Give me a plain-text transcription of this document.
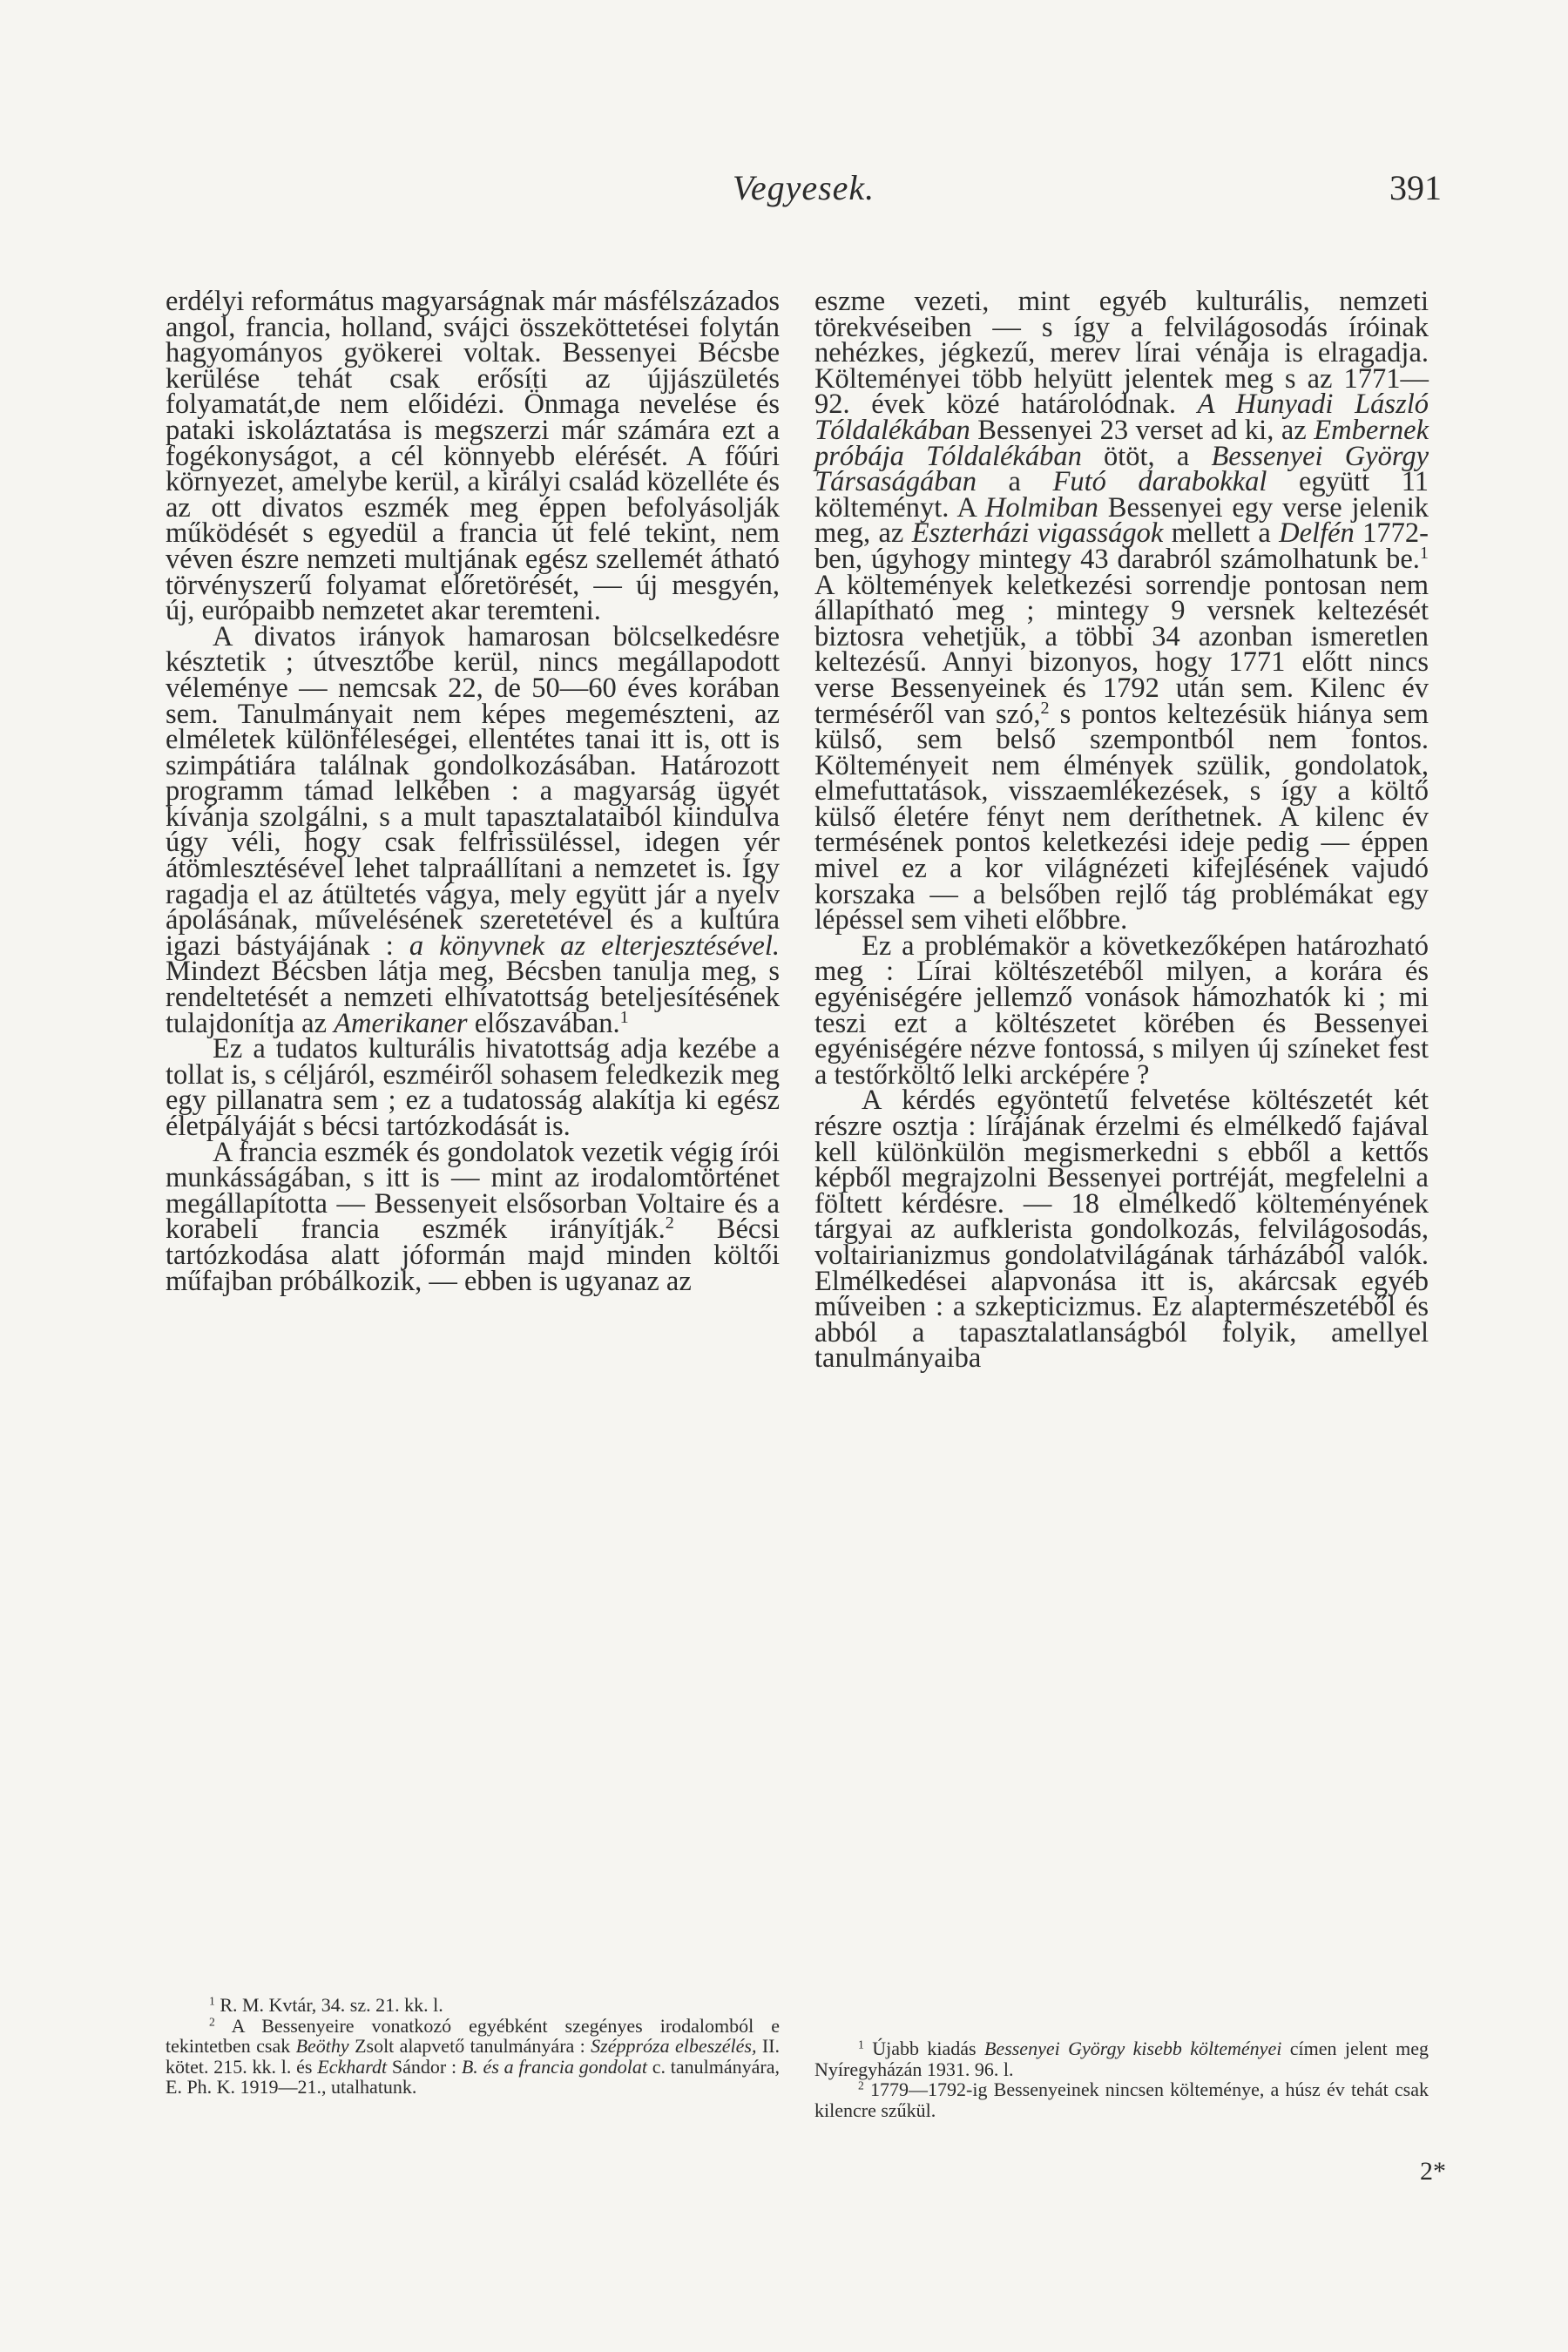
Vegyesek.	391

erdélyi református magyarságnak már másfélszázados angol, francia, holland, svájci összeköttetései folytán hagyományos gyökerei voltak. Bessenyei Bécsbe kerülése tehát csak erősíti az újjászületés folyamatát,de nem előidézi. Önmaga nevelése és pataki iskoláztatása is megszerzi már számára ezt a fogékonyságot, a cél könnyebb elérését. A főúri környezet, amelybe kerül, a királyi család közelléte és az ott divatos eszmék meg éppen befolyásolják működését s egyedül a francia út felé tekint, nem véven észre nemzeti multjának egész szellemét átható törvényszerű folyamat előretörését, — új mesgyén, új, európaibb nemzetet akar teremteni.

A divatos irányok hamarosan bölcselkedésre késztetik ; útvesztőbe kerül, nincs megállapodott véleménye — nemcsak 22, de 50—60 éves korában sem. Tanulmányait nem képes megemészteni, az elméletek különféleségei, ellentétes tanai itt is, ott is szimpátiára találnak gondolkozásában. Határozott programm támad lelkében : a magyarság ügyét kívánja szolgálni, s a mult tapasztalataiból kiindulva úgy véli, hogy csak felfrissüléssel, idegen vér átömlesztésével lehet talpraállítani a nemzetet is. Így ragadja el az átültetés vágya, mely együtt jár a nyelv ápolásának, művelésének szeretetével és a kultúra igazi bástyájának : a könyvnek az elterjesztésével. Mindezt Bécsben látja meg, Bécsben tanulja meg, s rendeltetését a nemzeti elhívatottság beteljesítésének tulajdonítja az Amerikaner előszavában.$^1$

Ez a tudatos kulturális hivatottság adja kezébe a tollat is, s céljáról, eszméiről sohasem feledkezik meg egy pillanatra sem ; ez a tudatosság alakítja ki egész életpályáját s bécsi tartózkodását is.

A francia eszmék és gondolatok vezetik végig írói munkásságában, s itt is — mint az irodalomtörténet megállapította — Bessenyeit elsősorban Voltaire és a korabeli francia eszmék irányítják.$^2$ Bécsi tartózkodása alatt jóformán majd minden költői műfajban próbálkozik, — ebben is ugyanaz az

$^1$ R. M. Kvtár, 34. sz. 21. kk. l.

$^2$ A Bessenyeire vonatkozó egyébként szegényes irodalomból e tekintetben csak Beöthy Zsolt alapvető tanulmányára : Széppróza elbeszélés, II. kötet. 215. kk. l. és Eckhardt Sándor : B. és a francia gondolat c. tanulmányára, E. Ph. K. 1919—21., utalhatunk.

eszme vezeti, mint egyéb kulturális, nemzeti törekvéseiben — s így a felvilágosodás íróinak nehézkes, jégkezű, merev lírai vénája is elragadja. Költeményei több helyütt jelentek meg s az 1771—92. évek közé határolódnak. A Hunyadi László Tóldalékában Bessenyei 23 verset ad ki, az Embernek próbája Tóldalékában ötöt, a Bessenyei György Társaságában a Futó darabokkal együtt 11 költeményt. A Holmiban Bessenyei egy verse jelenik meg, az Eszterházi vigasságok mellett a Delfén 1772-ben, úgyhogy mintegy 43 darabról számolhatunk be.$^1$ A költemények keletkezési sorrendje pontosan nem állapítható meg ; mintegy 9 versnek keltezését biztosra vehetjük, a többi 34 azonban ismeretlen keltezésű. Annyi bizonyos, hogy 1771 előtt nincs verse Bessenyeinek és 1792 után sem. Kilenc év terméséről van szó,$^2$ s pontos keltezésük hiánya sem külső, sem belső szempontból nem fontos. Költeményeit nem élmények szülik, gondolatok, elmefuttatások, visszaemlékezések, s így a költő külső életére fényt nem deríthetnek. A kilenc év termésének pontos keletkezési ideje pedig — éppen mivel ez a kor világnézeti kifejlésének vajudó korszaka — a belsőben rejlő tág problémákat egy lépéssel sem viheti előbbre.

Ez a problémakör a következőképen határozható meg : Lírai költészetéből milyen, a korára és egyéniségére jellemző vonások hámozhatók ki ; mi teszi ezt a költészetet körében és Bessenyei egyéniségére nézve fontossá, s milyen új színeket fest a testőrköltő lelki arcképére ?

A kérdés egyöntetű felvetése költészetét két részre osztja : lírájának érzelmi és elmélkedő fajával kell különkülön megismerkedni s ebből a kettős képből megrajzolni Bessenyei portréját, megfelelni a föltett kérdésre. — 18 elmélkedő költeményének tárgyai az aufklerista gondolkozás, felvilágosodás, voltairianizmus gondolatvilágának tárházából valók. Elmélkedései alapvonása itt is, akárcsak egyéb műveiben : a szkepticizmus. Ez alaptermészetéből és abból a tapasztalatlanságból folyik, amellyel tanulmányaiba

$^1$ Újabb kiadás Bessenyei György kisebb költeményei címen jelent meg Nyíregyházán 1931. 96. l.

$^2$ 1779—1792-ig Bessenyeinek nincsen költeménye, a húsz év tehát csak kilencre szűkül.

2*
